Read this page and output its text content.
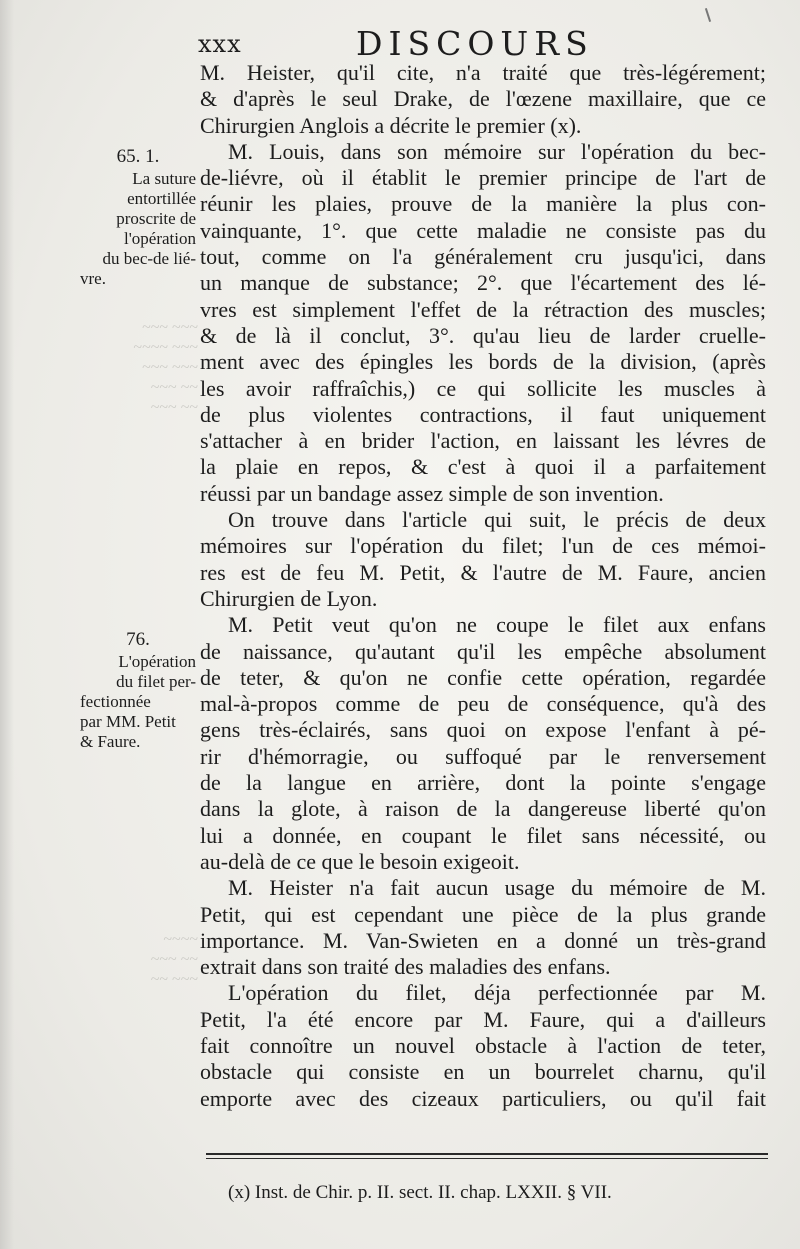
xxx	DISCOURS
~~~ ~~~
~~~~ ~~~
~~~ ~~~
~~~ ~~
~~~ ~~
~~~~
~~~ ~~
~~ ~~~
65. 1.
La suture
entortillée
proscrite de
l'opération
du bec-de lié-
vre.
76.
L'opération
du filet per-
fectionnée
par MM. Petit
& Faure.
M. Heister, qu'il cite, n'a traité que très-légérement;
& d'après le seul Drake, de l'œzene maxillaire, que ce
Chirurgien Anglois a décrite le premier (x).
M. Louis, dans son mémoire sur l'opération du bec-
de-liévre, où il établit le premier principe de l'art de
réunir les plaies, prouve de la manière la plus con-
vainquante, 1°. que cette maladie ne consiste pas du
tout, comme on l'a généralement cru jusqu'ici, dans
un manque de substance; 2°. que l'écartement des lé-
vres est simplement l'effet de la rétraction des muscles;
& de là il conclut, 3°. qu'au lieu de larder cruelle-
ment avec des épingles les bords de la division, (après
les avoir raffraîchis,) ce qui sollicite les muscles à
de plus violentes contractions, il faut uniquement
s'attacher à en brider l'action, en laissant les lévres de
la plaie en repos, & c'est à quoi il a parfaitement
réussi par un bandage assez simple de son invention.
On trouve dans l'article qui suit, le précis de deux
mémoires sur l'opération du filet; l'un de ces mémoi-
res est de feu M. Petit, & l'autre de M. Faure, ancien
Chirurgien de Lyon.
M. Petit veut qu'on ne coupe le filet aux enfans
de naissance, qu'autant qu'il les empêche absolument
de teter, & qu'on ne confie cette opération, regardée
mal-à-propos comme de peu de conséquence, qu'à des
gens très-éclairés, sans quoi on expose l'enfant à pé-
rir d'hémorragie, ou suffoqué par le renversement
de la langue en arrière, dont la pointe s'engage
dans la glote, à raison de la dangereuse liberté qu'on
lui a donnée, en coupant le filet sans nécessité, ou
au-delà de ce que le besoin exigeoit.
M. Heister n'a fait aucun usage du mémoire de M.
Petit, qui est cependant une pièce de la plus grande
importance. M. Van-Swieten en a donné un très-grand
extrait dans son traité des maladies des enfans.
L'opération du filet, déja perfectionnée par M.
Petit, l'a été encore par M. Faure, qui a d'ailleurs
fait connoître un nouvel obstacle à l'action de teter,
obstacle qui consiste en un bourrelet charnu, qu'il
emporte avec des cizeaux particuliers, ou qu'il fait
(x) Inst. de Chir. p. II. sect. II. chap. LXXII. § VII.
